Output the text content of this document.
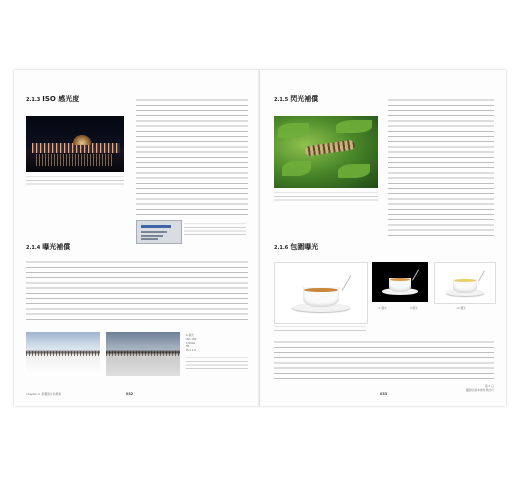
2.1.3 ISO 感光度
2.1.4 曝光補償
A 模式
ISO 100
1/200s
F8
EV+1.0
Chapter 2 影響照片的要素	032
2.1.5 閃光補償
2.1.6 包圍曝光
-1 曝光	0 曝光	+1 曝光
033
第 2 章
攝影的基本操作與技巧
